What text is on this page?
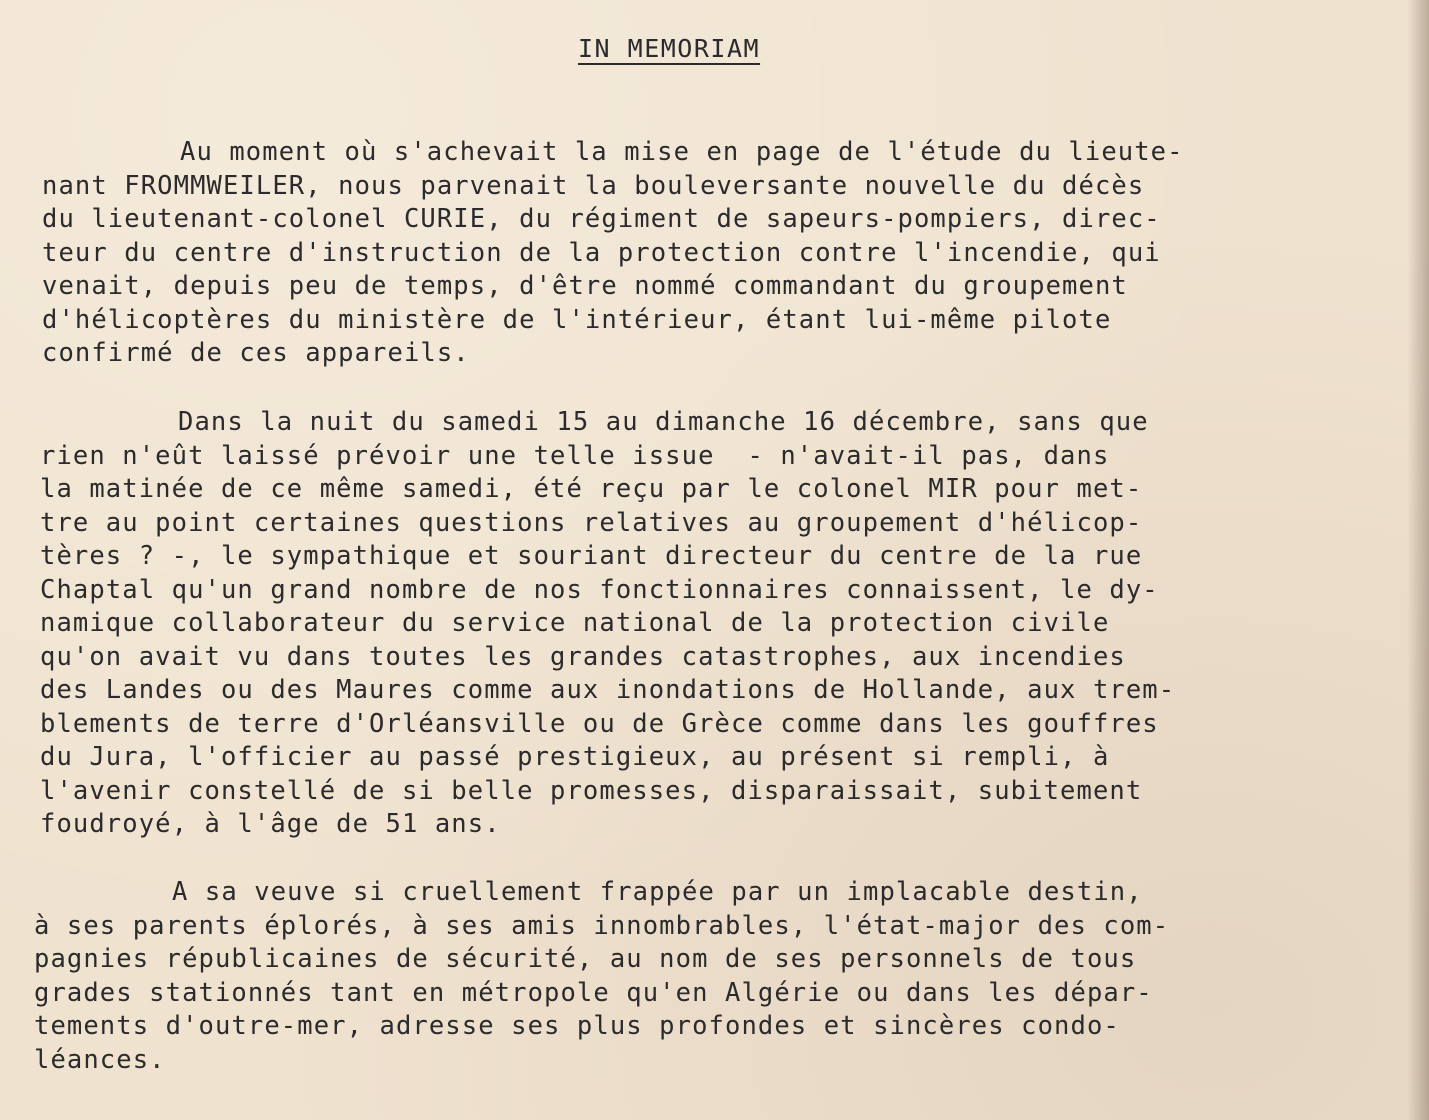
IN MEMORIAM
Au moment où s'achevait la mise en page de l'étude du lieute-
nant FROMMWEILER, nous parvenait la bouleversante nouvelle du décès
du lieutenant-colonel CURIE, du régiment de sapeurs-pompiers, direc-
teur du centre d'instruction de la protection contre l'incendie, qui
venait, depuis peu de temps, d'être nommé commandant du groupement
d'hélicoptères du ministère de l'intérieur, étant lui-même pilote
confirmé de ces appareils.
Dans la nuit du samedi 15 au dimanche 16 décembre, sans que
rien n'eût laissé prévoir une telle issue  - n'avait-il pas, dans
la matinée de ce même samedi, été reçu par le colonel MIR pour met-
tre au point certaines questions relatives au groupement d'hélicop-
tères ? -, le sympathique et souriant directeur du centre de la rue
Chaptal qu'un grand nombre de nos fonctionnaires connaissent, le dy-
namique collaborateur du service national de la protection civile
qu'on avait vu dans toutes les grandes catastrophes, aux incendies
des Landes ou des Maures comme aux inondations de Hollande, aux trem-
blements de terre d'Orléansville ou de Grèce comme dans les gouffres
du Jura, l'officier au passé prestigieux, au présent si rempli, à
l'avenir constellé de si belle promesses, disparaissait, subitement
foudroyé, à l'âge de 51 ans.
A sa veuve si cruellement frappée par un implacable destin,
à ses parents éplorés, à ses amis innombrables, l'état-major des com-
pagnies républicaines de sécurité, au nom de ses personnels de tous
grades stationnés tant en métropole qu'en Algérie ou dans les dépar-
tements d'outre-mer, adresse ses plus profondes et sincères condo-
léances.
